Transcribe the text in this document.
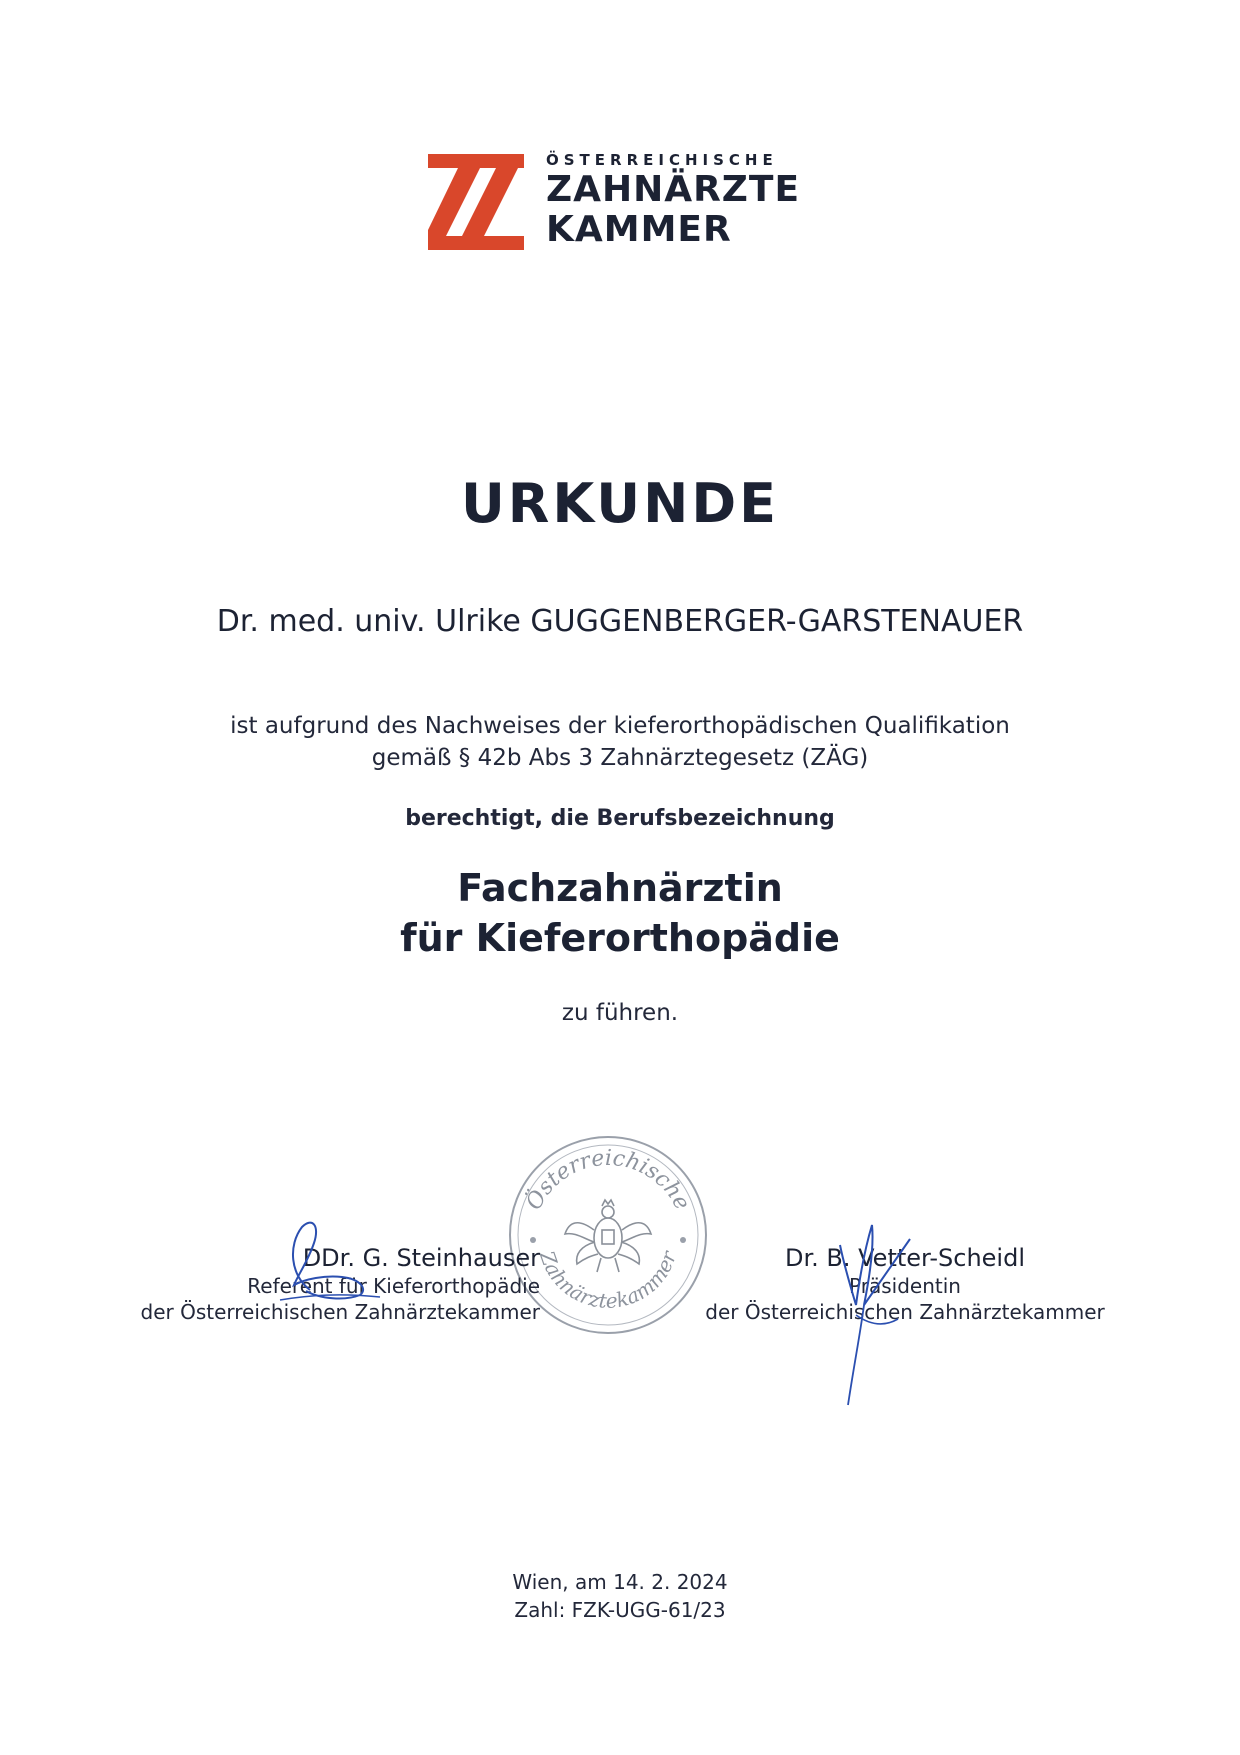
ÖSTERREICHISCHE
ZAHNÄRZTE
KAMMER
URKUNDE
Dr. med. univ. Ulrike GUGGENBERGER-GARSTENAUER
ist aufgrund des Nachweises der kieferorthopädischen Qualifikation
gemäß § 42b Abs 3 Zahnärztegesetz (ZÄG)
berechtigt, die Berufsbezeichnung
Fachzahnärztin
für Kieferorthopädie
zu führen.
Österreichische
Zahnärztekammer
DDr. G. Steinhauser
Referent für Kieferorthopädie
der Österreichischen Zahnärztekammer
Dr. B. Vetter-Scheidl
Präsidentin
der Österreichischen Zahnärztekammer
Wien, am 14. 2. 2024
Zahl: FZK-UGG-61/23
